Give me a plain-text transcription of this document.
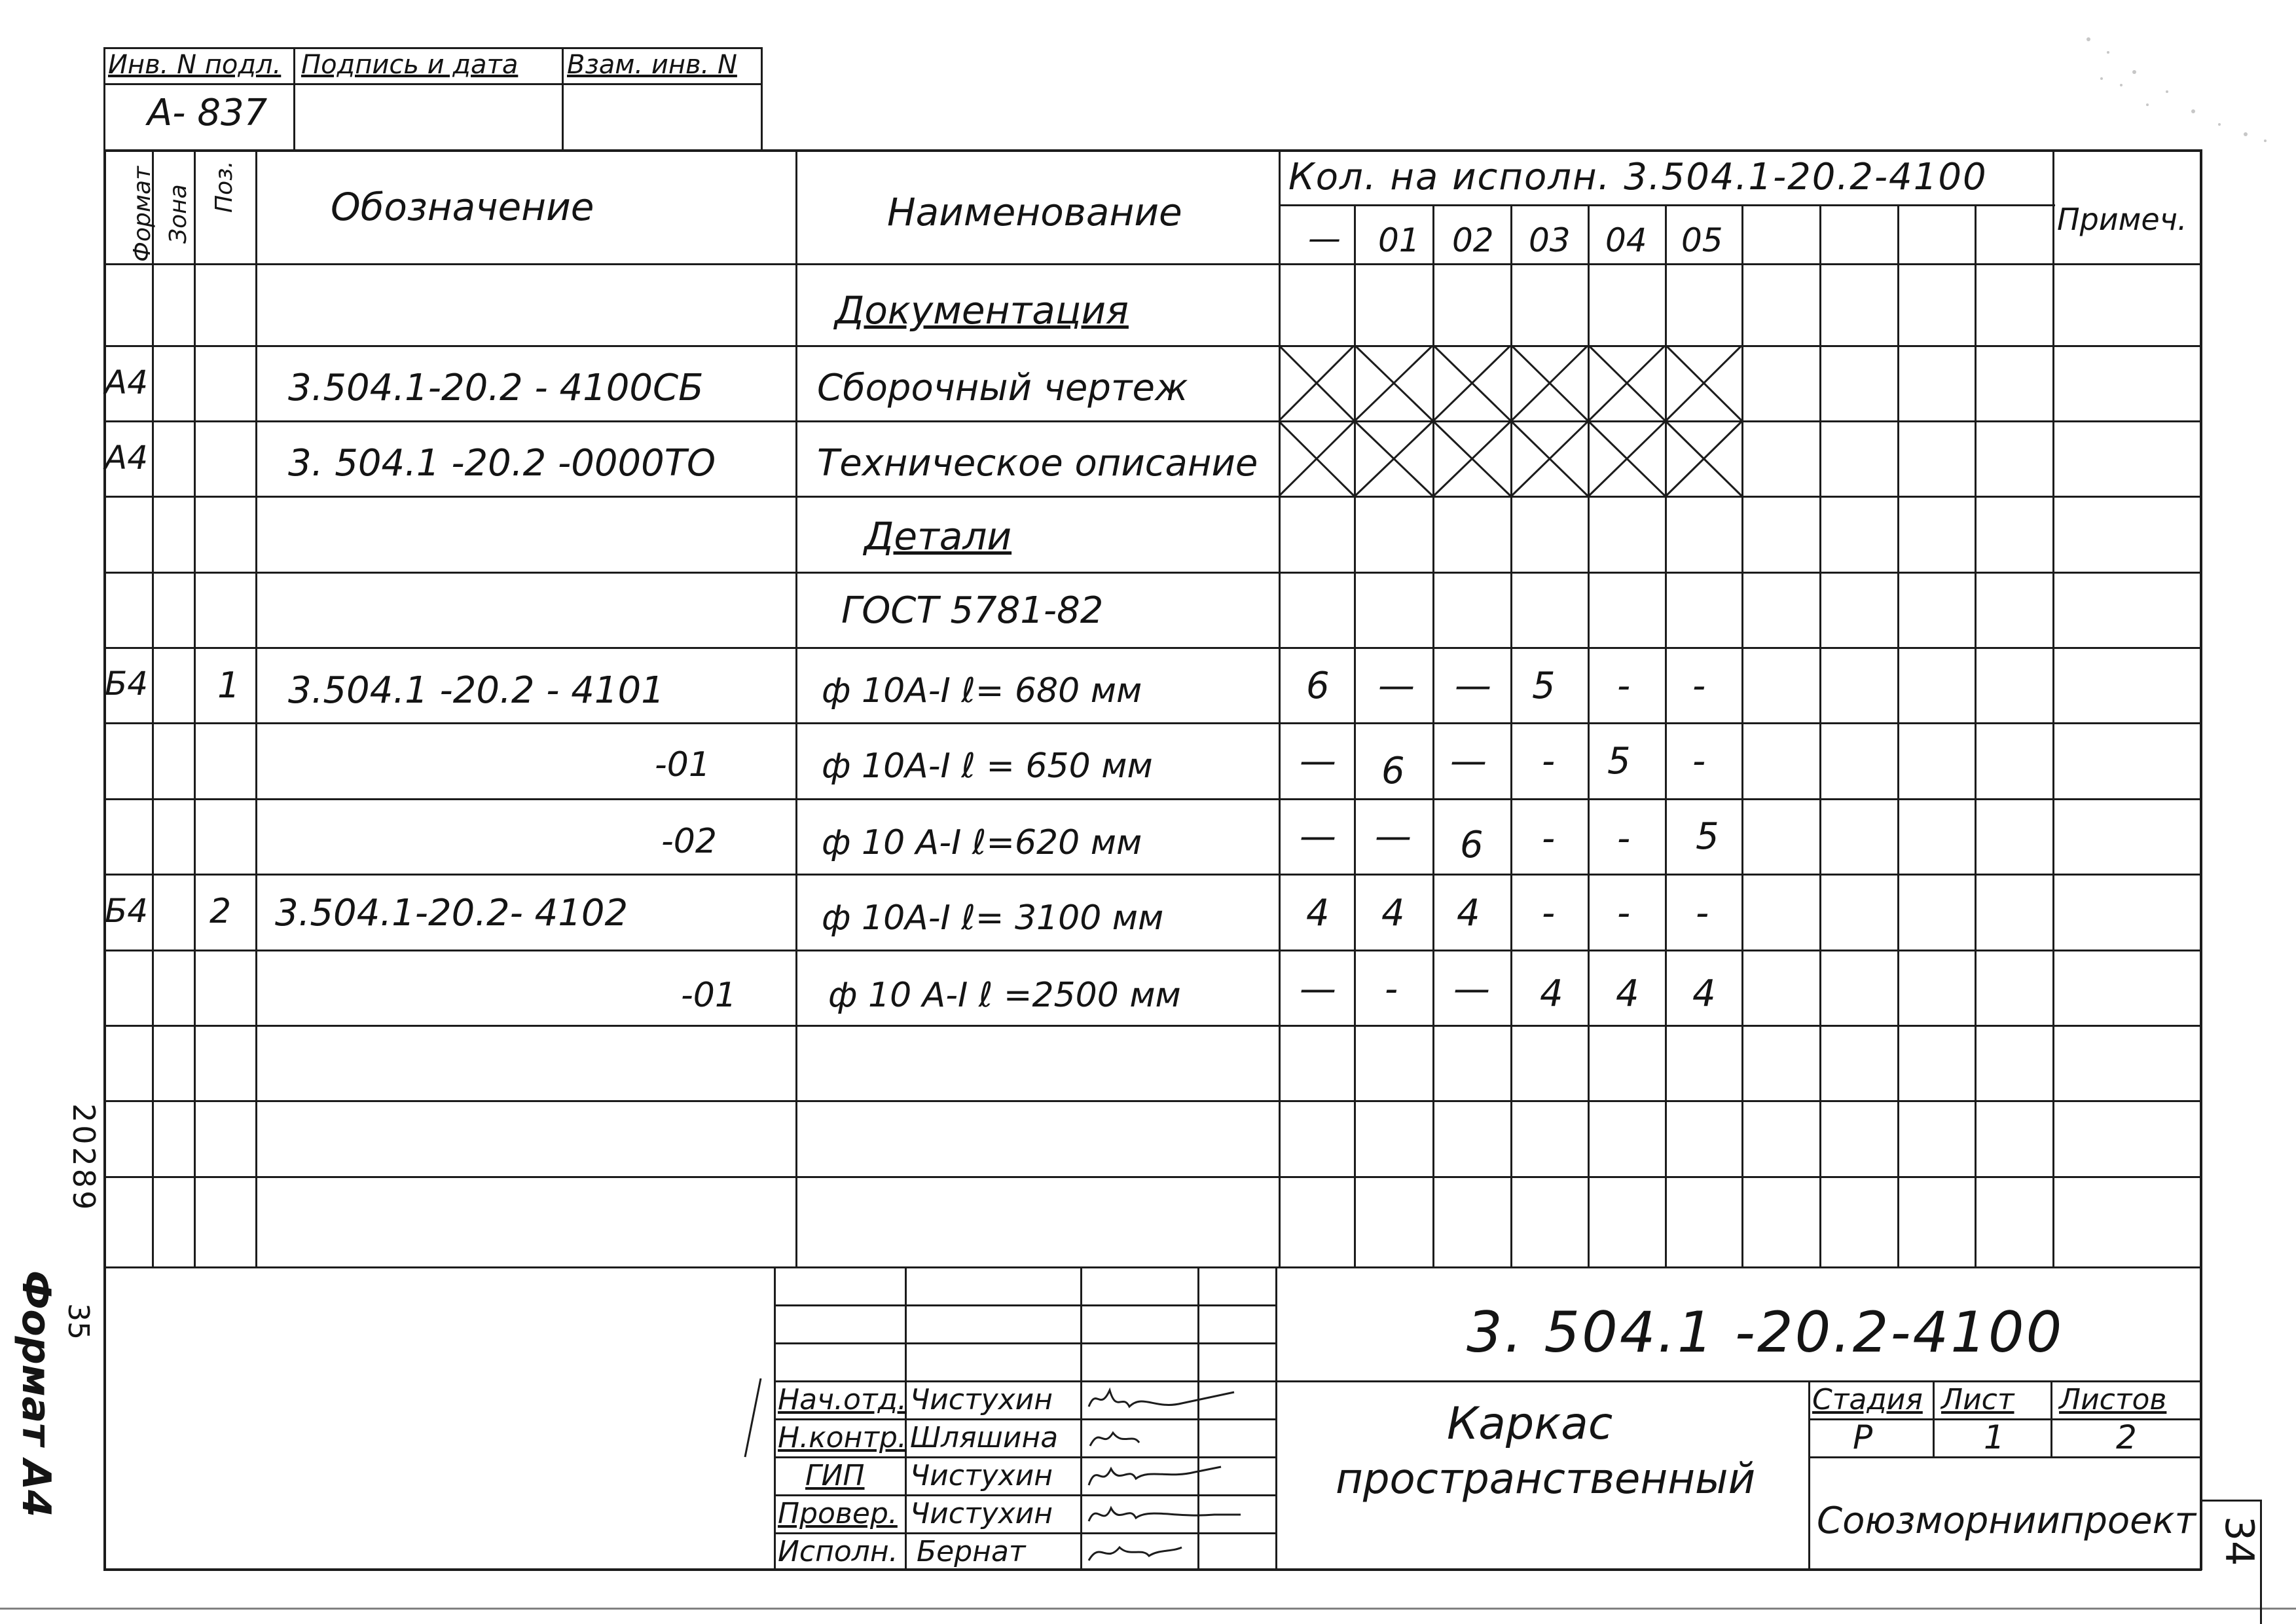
Инв. N подл. Подпись и дата Взам. инв. N
А- 837
Формат Зона Поз. Обозначение	Наименование
Кол. на исполн. 3.504.1-20.2-4100
Примеч.
— 01 02 03 04 05
Документация
А4	3.504.1-20.2 - 4100СБ	Сборочный чертеж
А4	3. 504.1 -20.2 -0000ТО	Техническое описание
Детали
ГОСТ 5781-82
Б4 1 3.504.1 -20.2 - 4101	ф 10А-I ℓ= 680 мм	6 — — 5 - -
-01	ф 10А-I ℓ = 650 мм	— 6 — - 5 -
-02	ф 10 А-I ℓ=620 мм	— — 6 - - 5
Б4 2 3.504.1-20.2- 4102	ф 10А-I ℓ= 3100 мм	4 4 4 - - -
-01	ф 10 А-I ℓ =2500 мм	— - — 4 4 4
Нач.отд. Чистухин
Н.контр. Шляшина
ГИП Чистухин
Провер. Чистухин
Исполн. Бернат
3. 504.1 -20.2-4100
Каркас
пространственный
Стадия Лист Листов
Р	1	2
Союзморниипроект
20289
35
Формат А4
34
